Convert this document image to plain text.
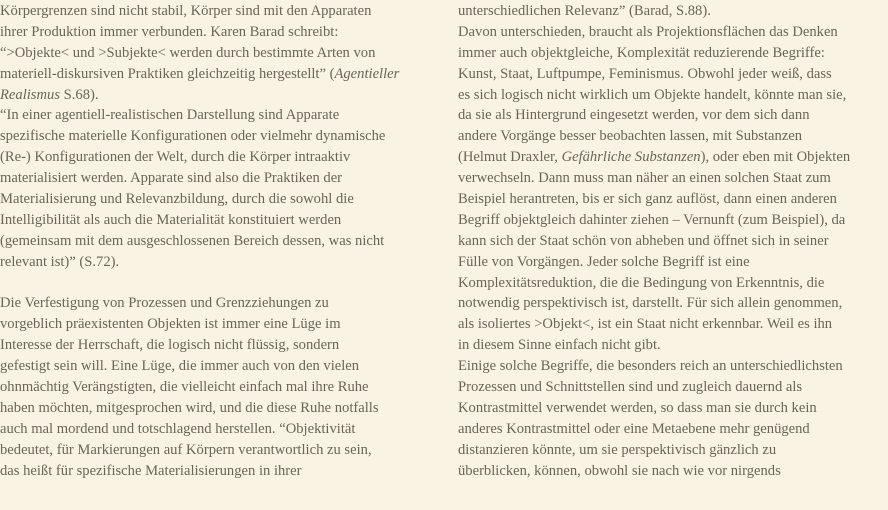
Körpergrenzen sind nicht stabil, Körper sind mit den Apparaten
ihrer Produktion immer verbunden. Karen Barad schreibt:
“>Objekte< und >Subjekte< werden durch bestimmte Arten von
materiell-diskursiven Praktiken gleichzeitig hergestellt” (Agentieller
Realismus S.68).
“In einer agentiell-realistischen Darstellung sind Apparate
spezifische materielle Konfigurationen oder vielmehr dynamische
(Re-) Konfigurationen der Welt, durch die Körper intraaktiv
materialisiert werden. Apparate sind also die Praktiken der
Materialisierung und Relevanzbildung, durch die sowohl die
Intelligibilität als auch die Materialität konstituiert werden
(gemeinsam mit dem ausgeschlossenen Bereich dessen, was nicht
relevant ist)” (S.72).
Die Verfestigung von Prozessen und Grenzziehungen zu
vorgeblich präexistenten Objekten ist immer eine Lüge im
Interesse der Herrschaft, die logisch nicht flüssig, sondern
gefestigt sein will. Eine Lüge, die immer auch von den vielen
ohnmächtig Verängstigten, die vielleicht einfach mal ihre Ruhe
haben möchten, mitgesprochen wird, und die diese Ruhe notfalls
auch mal mordend und totschlagend herstellen. “Objektivität
bedeutet, für Markierungen auf Körpern verantwortlich zu sein,
das heißt für spezifische Materialisierungen in ihrer
unterschiedlichen Relevanz” (Barad, S.88).
Davon unterschieden, braucht als Projektionsflächen das Denken
immer auch objektgleiche, Komplexität reduzierende Begriffe:
Kunst, Staat, Luftpumpe, Feminismus. Obwohl jeder weiß, dass
es sich logisch nicht wirklich um Objekte handelt, könnte man sie,
da sie als Hintergrund eingesetzt werden, vor dem sich dann
andere Vorgänge besser beobachten lassen, mit Substanzen
(Helmut Draxler, Gefährliche Substanzen), oder eben mit Objekten
verwechseln. Dann muss man näher an einen solchen Staat zum
Beispiel herantreten, bis er sich ganz auflöst, dann einen anderen
Begriff objektgleich dahinter ziehen – Vernunft (zum Beispiel), da
kann sich der Staat schön von abheben und öffnet sich in seiner
Fülle von Vorgängen. Jeder solche Begriff ist eine
Komplexitätsreduktion, die die Bedingung von Erkenntnis, die
notwendig perspektivisch ist, darstellt. Für sich allein genommen,
als isoliertes >Objekt<, ist ein Staat nicht erkennbar. Weil es ihn
in diesem Sinne einfach nicht gibt.
Einige solche Begriffe, die besonders reich an unterschiedlichsten
Prozessen und Schnittstellen sind und zugleich dauernd als
Kontrastmittel verwendet werden, so dass man sie durch kein
anderes Kontrastmittel oder eine Metaebene mehr genügend
distanzieren könnte, um sie perspektivisch gänzlich zu
überblicken, können, obwohl sie nach wie vor nirgends
